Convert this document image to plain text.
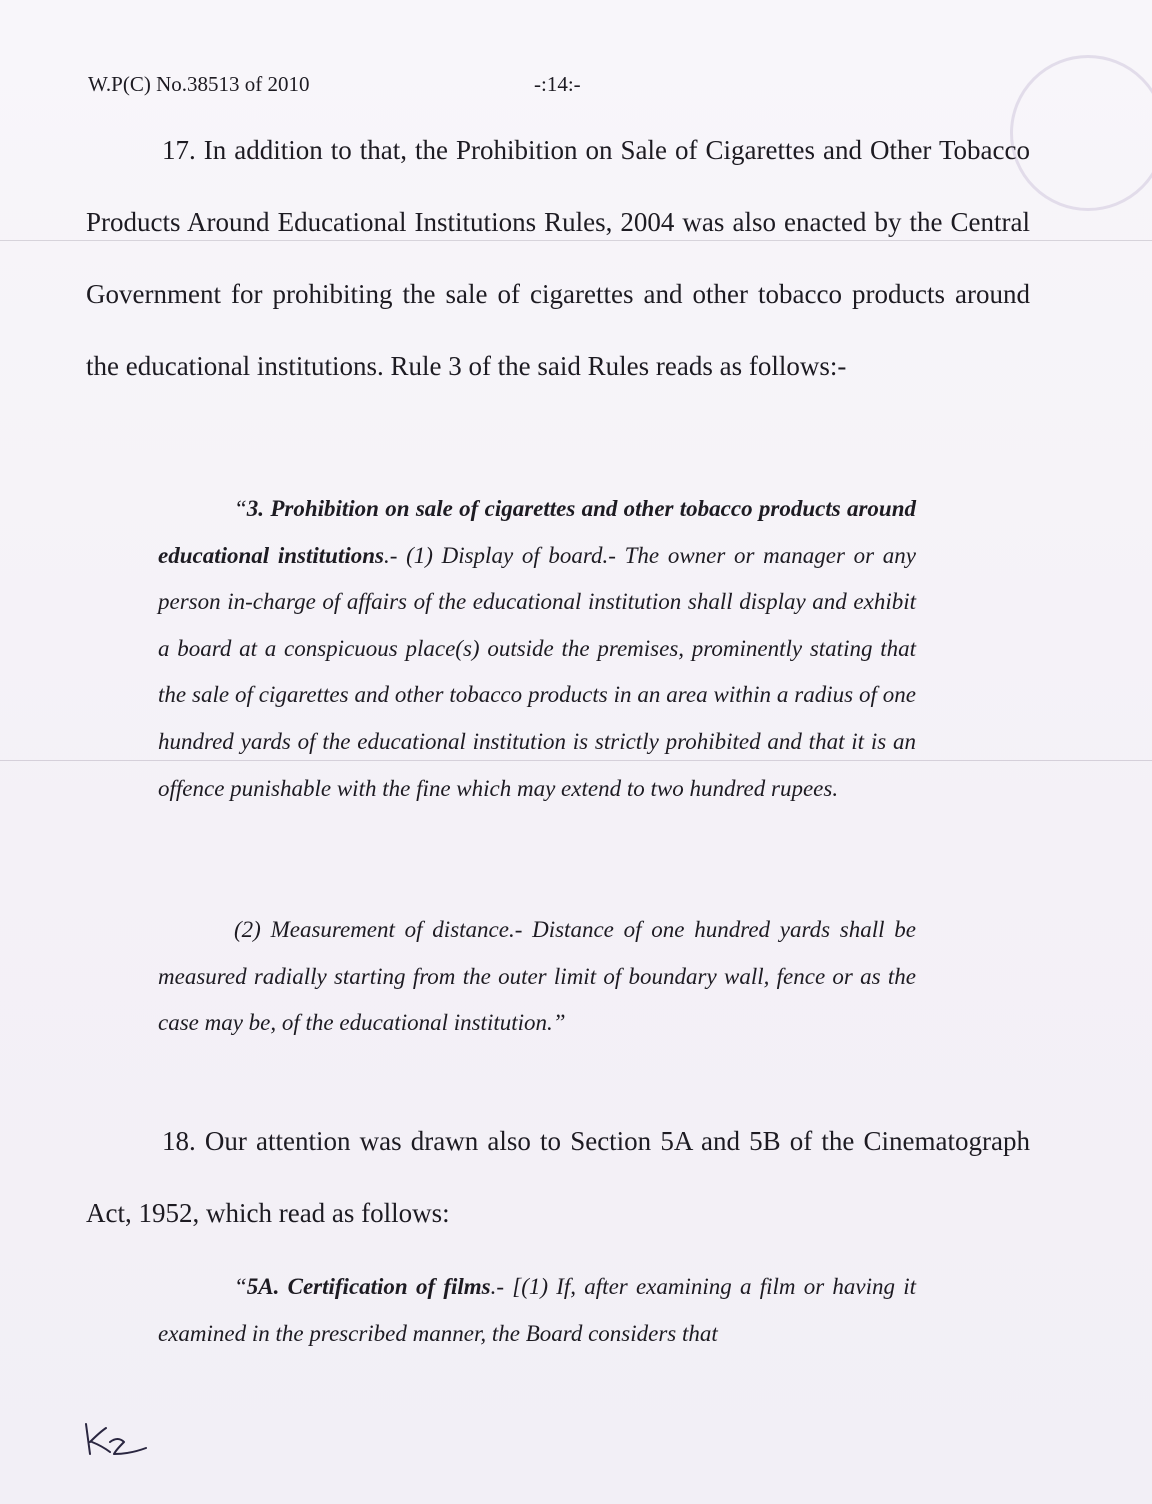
W.P(C) No.38513 of 2010	-:14:-

17. In addition to that, the Prohibition on Sale of Cigarettes and Other Tobacco Products Around Educational Institutions Rules, 2004 was also enacted by the Central Government for prohibiting the sale of cigarettes and other tobacco products around the educational institutions. Rule 3 of the said Rules reads as follows:-

“3. Prohibition on sale of cigarettes and other tobacco products around educational institutions.- (1) Display of board.- The owner or manager or any person in-charge of affairs of the educational institution shall display and exhibit a board at a conspicuous place(s) outside the premises, prominently stating that the sale of cigarettes and other tobacco products in an area within a radius of one hundred yards of the educational institution is strictly prohibited and that it is an offence punishable with the fine which may extend to two hundred rupees.

(2) Measurement of distance.- Distance of one hundred yards shall be measured radially starting from the outer limit of boundary wall, fence or as the case may be, of the educational institution.”

18. Our attention was drawn also to Section 5A and 5B of the Cinematograph Act, 1952, which read as follows:

“5A. Certification of films.- [(1) If, after examining a film or having it examined in the prescribed manner, the Board considers that
